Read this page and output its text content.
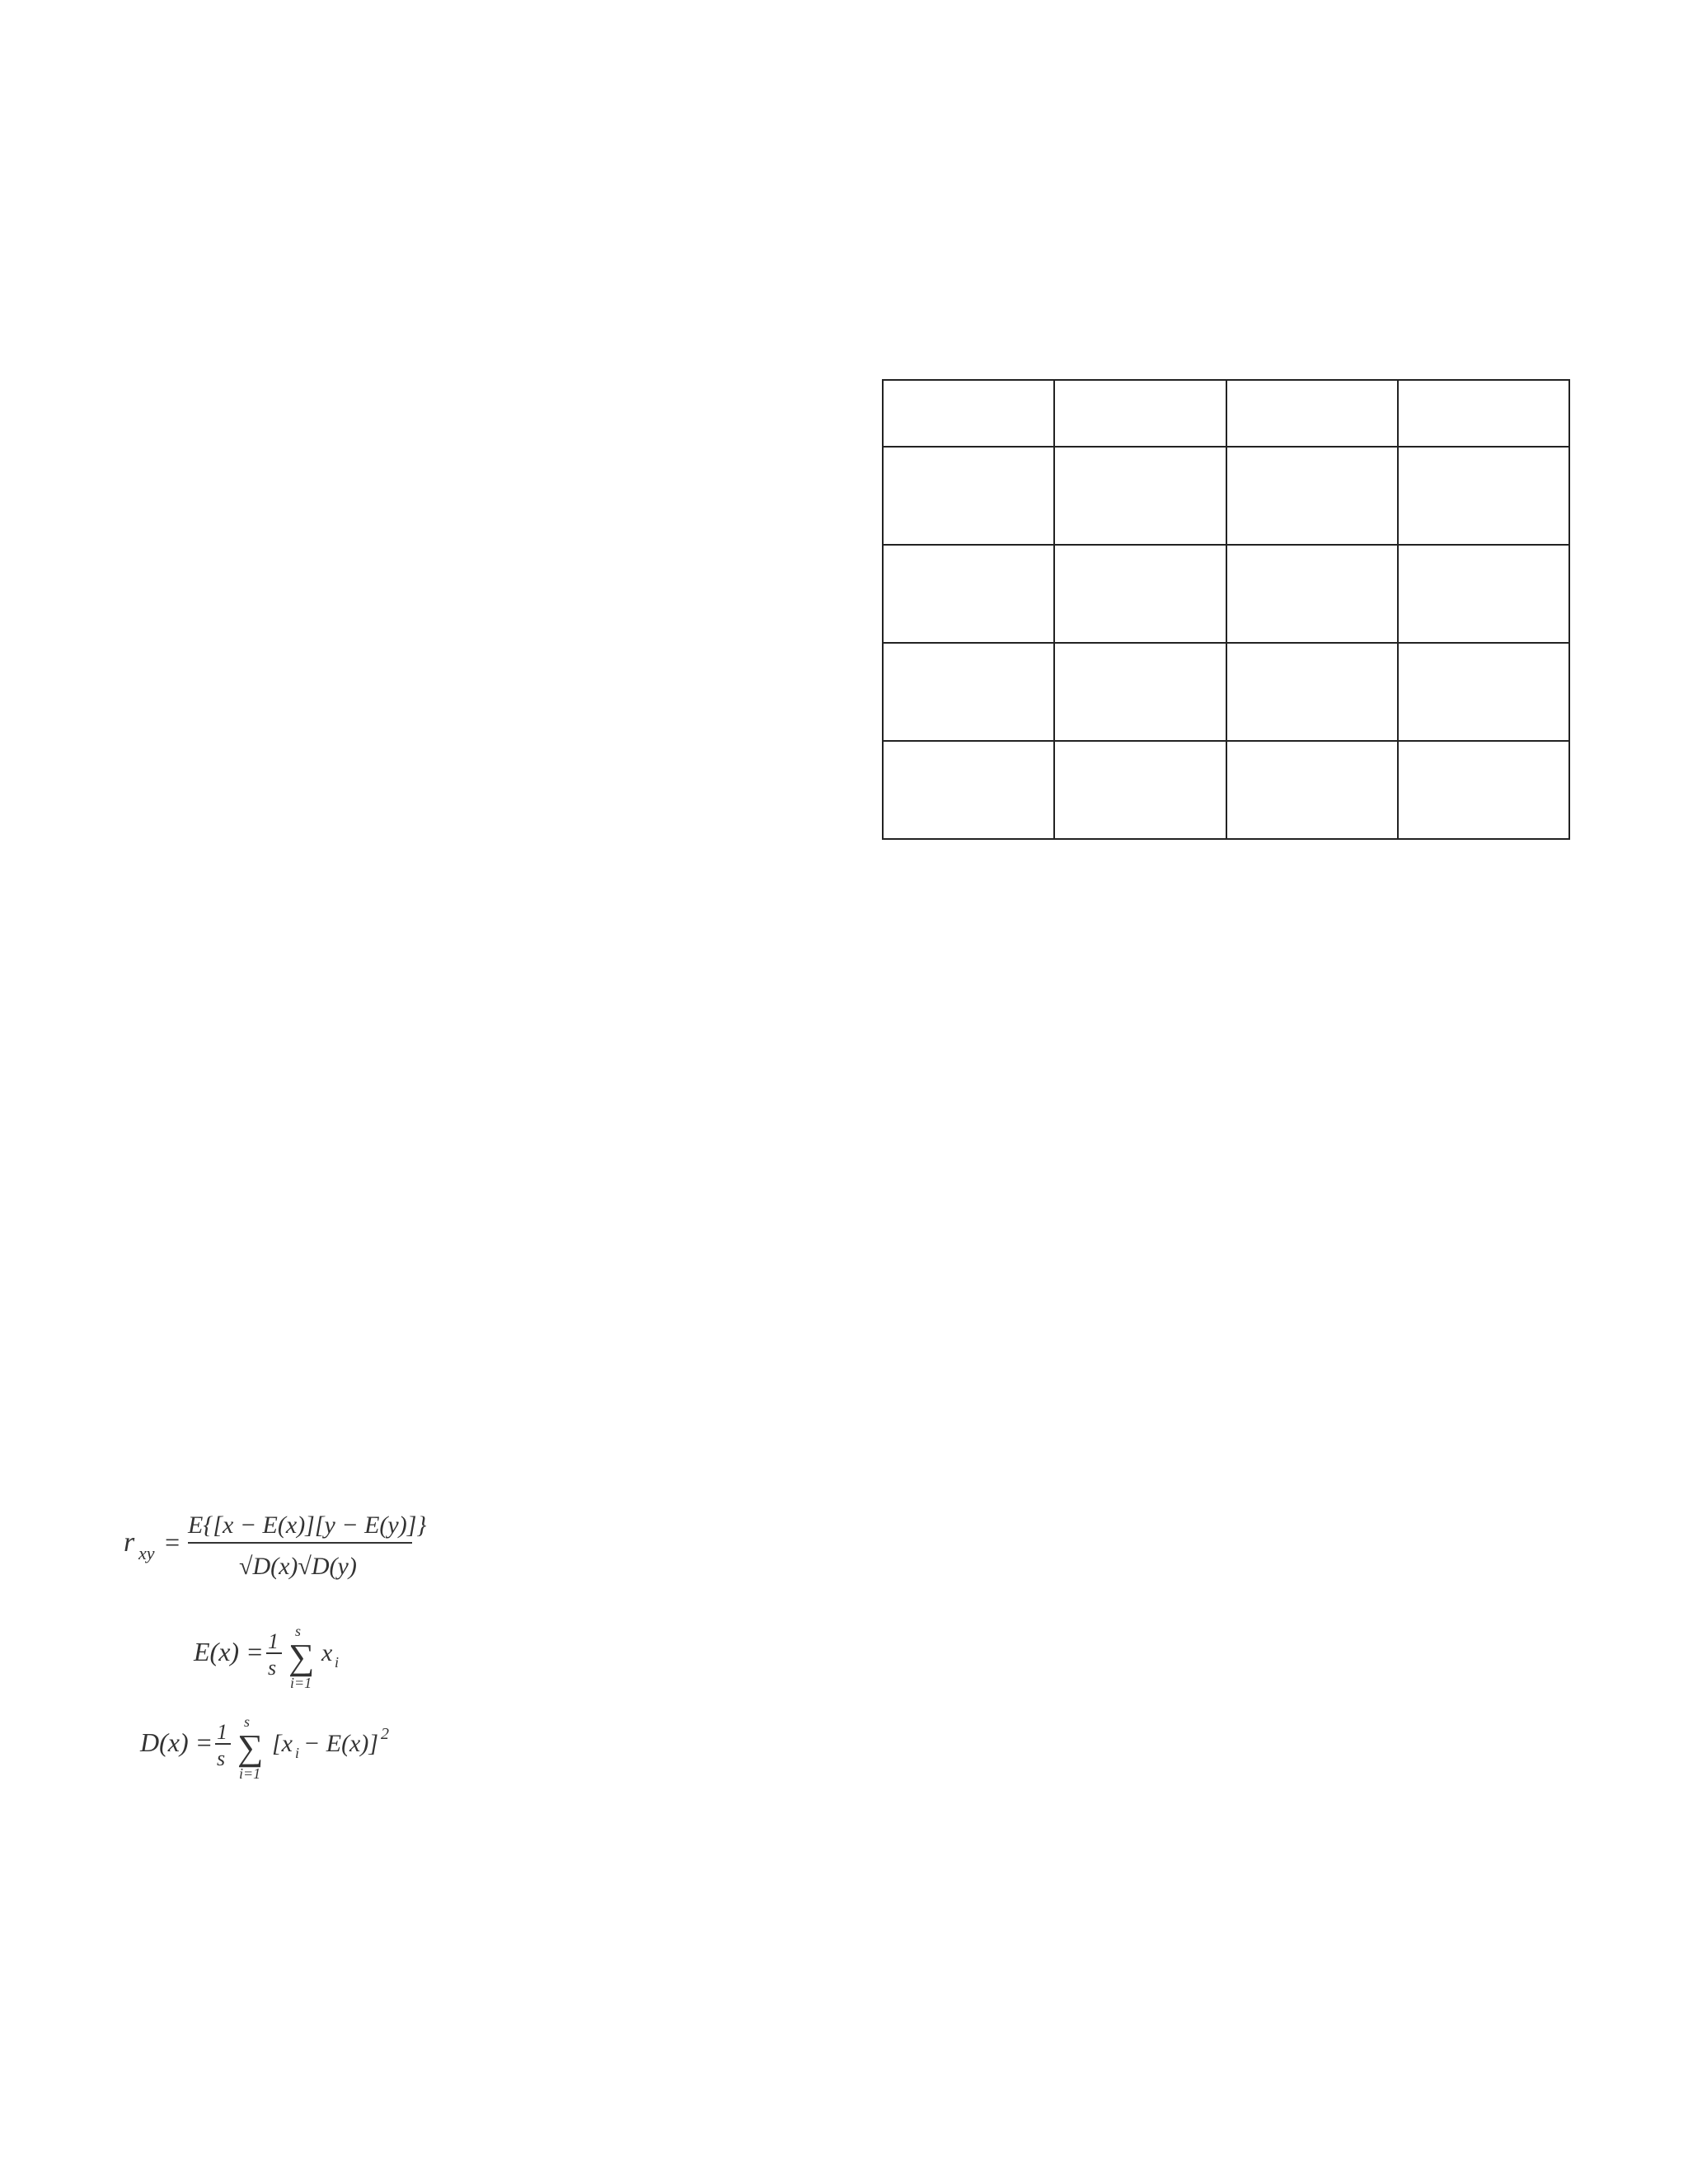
r xy =
E{[x − E(x)][y − E(y)]}
√D(x)√D(y)
E(x) = 1
s ∑
s
i=1
x i
D(x) = 1
s ∑
s
i=1
[x i − E(x)] 2
